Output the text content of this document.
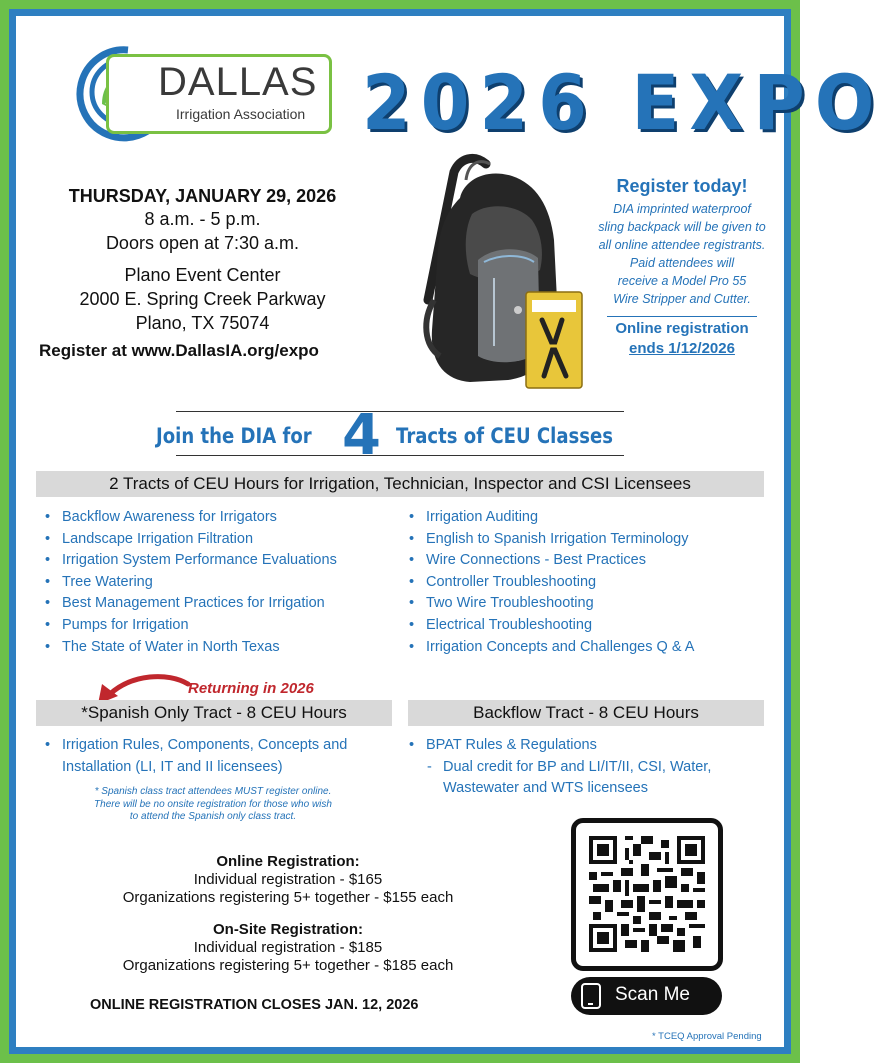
DALLAS
Irrigation Association 2026 EXPO
THURSDAY, JANUARY 29, 2026
8 a.m. - 5 p.m.
Doors open at 7:30 a.m.
Plano Event Center
2000 E. Spring Creek Parkway
Plano, TX 75074
Register at www.DallasIA.org/expo
Register today!
DIA imprinted waterproof
sling backpack will be given to
all online attendee registrants.
Paid attendees will
receive a Model Pro 55
Wire Stripper and Cutter.
Online registration
ends 1/12/2026
Join the DIA for 4 Tracts of CEU Classes
2 Tracts of CEU Hours for Irrigation, Technician, Inspector and CSI Licensees
• Backflow Awareness for Irrigators
• Landscape Irrigation Filtration
• Irrigation System Performance Evaluations
• Tree Watering
• Best Management Practices for Irrigation
• Pumps for Irrigation
• The State of Water in North Texas
• Irrigation Auditing
• English to Spanish Irrigation Terminology
• Wire Connections - Best Practices
• Controller Troubleshooting
• Two Wire Troubleshooting
• Electrical Troubleshooting
• Irrigation Concepts and Challenges Q & A
Returning in 2026
*Spanish Only Tract - 8 CEU Hours
• Irrigation Rules, Components, Concepts and
Installation (LI, IT and II licensees)
* Spanish class tract attendees MUST register online.
There will be no onsite registration for those who wish
to attend the Spanish only class tract.
Backflow Tract - 8 CEU Hours
• BPAT Rules & Regulations
- Dual credit for BP and LI/IT/II, CSI, Water,
Wastewater and WTS licensees
Online Registration:
Individual registration - $165
Organizations registering 5+ together - $155 each
On-Site Registration:
Individual registration - $185
Organizations registering 5+ together - $185 each
ONLINE REGISTRATION CLOSES JAN. 12, 2026	Scan Me
* TCEQ Approval Pending
